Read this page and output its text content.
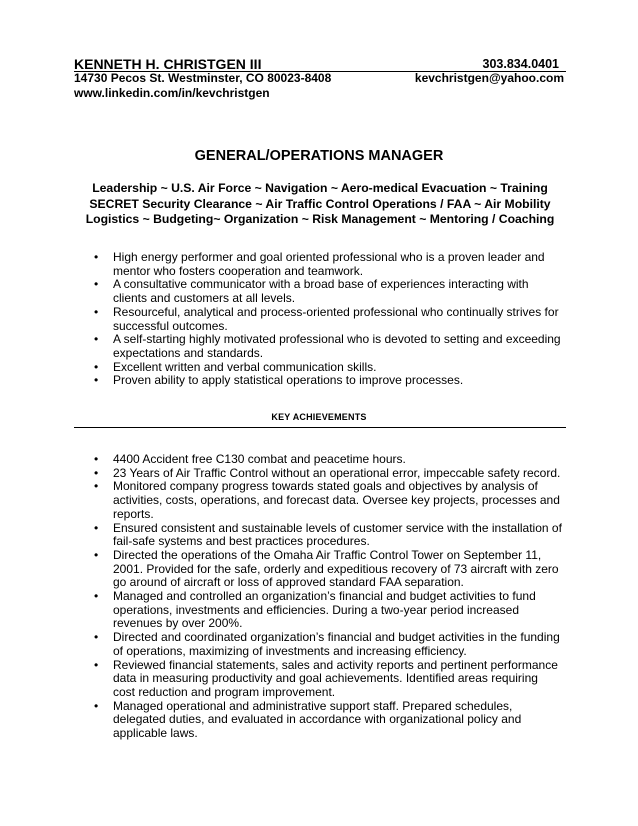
KENNETH H. CHRISTGEN III	303.834.0401
14730 Pecos St. Westminster, CO 80023-8408	kevchristgen@yahoo.com
www.linkedin.com/in/kevchristgen
GENERAL/OPERATIONS MANAGER
Leadership ~ U.S. Air Force ~ Navigation ~ Aero-medical Evacuation ~ Training
SECRET Security Clearance ~ Air Traffic Control Operations / FAA ~ Air Mobility
Logistics ~ Budgeting~ Organization ~ Risk Management ~ Mentoring / Coaching
• High energy performer and goal oriented professional who is a proven leader and mentor who fosters cooperation and teamwork.
• A consultative communicator with a broad base of experiences interacting with clients and customers at all levels.
• Resourceful, analytical and process-oriented professional who continually strives for successful outcomes.
• A self-starting highly motivated professional who is devoted to setting and exceeding expectations and standards.
• Excellent written and verbal communication skills.
• Proven ability to apply statistical operations to improve processes.
KEY ACHIEVEMENTS
• 4400 Accident free C130 combat and peacetime hours.
• 23 Years of Air Traffic Control without an operational error, impeccable safety record.
• Monitored company progress towards stated goals and objectives by analysis of activities, costs, operations, and forecast data. Oversee key projects, processes and reports.
• Ensured consistent and sustainable levels of customer service with the installation of fail-safe systems and best practices procedures.
• Directed the operations of the Omaha Air Traffic Control Tower on September 11, 2001. Provided for the safe, orderly and expeditious recovery of 73 aircraft with zero go around of aircraft or loss of approved standard FAA separation.
• Managed and controlled an organization’s financial and budget activities to fund operations, investments and efficiencies. During a two-year period increased revenues by over 200%.
• Directed and coordinated organization’s financial and budget activities in the funding of operations, maximizing of investments and increasing efficiency.
• Reviewed financial statements, sales and activity reports and pertinent performance data in measuring productivity and goal achievements. Identified areas requiring cost reduction and program improvement.
• Managed operational and administrative support staff. Prepared schedules, delegated duties, and evaluated in accordance with organizational policy and applicable laws.
